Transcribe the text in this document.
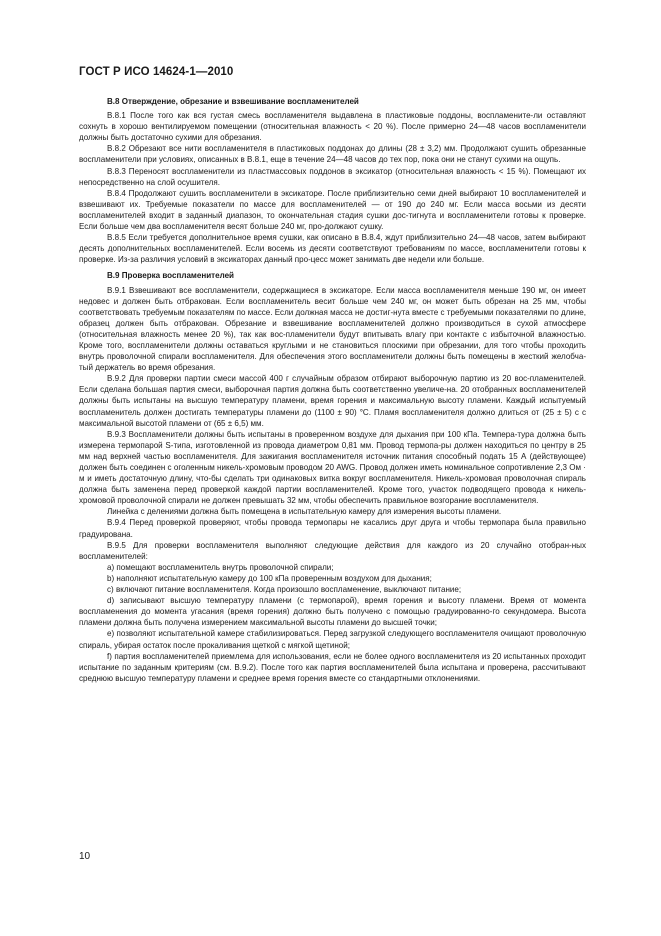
ГОСТ Р ИСО 14624-1—2010

В.8 Отверждение, обрезание и взвешивание воспламенителей

В.8.1 После того как вся густая смесь воспламенителя выдавлена в пластиковые поддоны, воспламените-ли оставляют сохнуть в хорошо вентилируемом помещении (относительная влажность < 20 %). После примерно 24—48 часов воспламенители должны быть достаточно сухими для обрезания.

В.8.2 Обрезают все нити воспламенителя в пластиковых поддонах до длины (28 ± 3,2) мм. Продолжают сушить обрезанные воспламенители при условиях, описанных в В.8.1, еще в течение 24—48 часов до тех пор, пока они не станут сухими на ощупь.

В.8.3 Переносят воспламенители из пластмассовых поддонов в эксикатор (относительная влажность < 15 %). Помещают их непосредственно на слой осушителя.

В.8.4 Продолжают сушить воспламенители в эксикаторе. После приблизительно семи дней выбирают 10 воспламенителей и взвешивают их. Требуемые показатели по массе для воспламенителей — от 190 до 240 мг. Если масса восьми из десяти воспламенителей входит в заданный диапазон, то окончательная стадия сушки дос-тигнута и воспламенители готовы к проверке. Если больше чем два воспламенителя весят больше 240 мг, про-должают сушку.

В.8.5 Если требуется дополнительное время сушки, как описано в В.8.4, ждут приблизительно 24—48 часов, затем выбирают десять дополнительных воспламенителей. Если восемь из десяти соответствуют требованиям по массе, воспламенители готовы к проверке. Из-за различия условий в эксикаторах данный про-цесс может занимать две недели или больше.

В.9 Проверка воспламенителей

В.9.1 Взвешивают все воспламенители, содержащиеся в эксикаторе. Если масса воспламенителя меньше 190 мг, он имеет недовес и должен быть отбракован. Если воспламенитель весит больше чем 240 мг, он может быть обрезан на 25 мм, чтобы соответствовать требуемым показателям по массе. Если должная масса не достиг-нута вместе с требуемыми показателями по длине, образец должен быть отбракован. Обрезание и взвешивание воспламенителей должно производиться в сухой атмосфере (относительная влажность менее 20 %), так как вос-пламенители будут впитывать влагу при контакте с избыточной влажностью. Кроме того, воспламенители должны оставаться круглыми и не становиться плоскими при обрезании, для того чтобы проходить внутрь проволочной спирали воспламенителя. Для обеспечения этого воспламенители должны быть помещены в жесткий желобча-тый держатель во время обрезания.

В.9.2 Для проверки партии смеси массой 400 г случайным образом отбирают выборочную партию из 20 вос-пламенителей. Если сделана большая партия смеси, выборочная партия должна быть соответственно увеличе-на. 20 отобранных воспламенителей должны быть испытаны на высшую температуру пламени, время горения и максимальную высоту пламени. Каждый испытуемый воспламенитель должен достигать температуры пламени до (1100 ± 90) °С. Пламя воспламенителя должно длиться от (25 ± 5) с с максимальной высотой пламени от (65 ± 6,5) мм.

В.9.3 Воспламенители должны быть испытаны в проверенном воздухе для дыхания при 100 кПа. Темпера-тура должна быть измерена термопарой S-типа, изготовленной из провода диаметром 0,81 мм. Провод термопа-ры должен находиться по центру в 25 мм над верхней частью воспламенителя. Для зажигания воспламенителя источник питания способный подать 15 А (действующее) должен быть соединен с оголенным никель-хромовым проводом 20 AWG. Провод должен иметь номинальное сопротивление 2,3 Ом · м и иметь достаточную длину, что-бы сделать три одинаковых витка вокруг воспламенителя. Никель-хромовая проволочная спираль должна быть заменена перед проверкой каждой партии воспламенителей. Кроме того, участок подводящего провода к никель-хромовой проволочной спирали не должен превышать 32 мм, чтобы обеспечить правильное возгорание воспламенителя.

Линейка с делениями должна быть помещена в испытательную камеру для измерения высоты пламени.

В.9.4 Перед проверкой проверяют, чтобы провода термопары не касались друг друга и чтобы термопара была правильно градуирована.

В.9.5 Для проверки воспламенителя выполняют следующие действия для каждого из 20 случайно отобран-ных воспламенителей:

а) помещают воспламенитель внутрь проволочной спирали;

b) наполняют испытательную камеру до 100 кПа проверенным воздухом для дыхания;

с) включают питание воспламенителя. Когда произошло воспламенение, выключают питание;

d) записывают высшую температуру пламени (с термопарой), время горения и высоту пламени. Время от момента воспламенения до момента угасания (время горения) должно быть получено с помощью градуированно-го секундомера. Высота пламени должна быть получена измерением максимальной высоты пламени до высшей точки;

е) позволяют испытательной камере стабилизироваться. Перед загрузкой следующего воспламенителя очищают проволочную спираль, убирая остаток после прокаливания щеткой с мягкой щетиной;

f) партия воспламенителей приемлема для использования, если не более одного воспламенителя из 20 испытанных проходит испытание по заданным критериям (см. В.9.2). После того как партия воспламенителей была испытана и проверена, рассчитывают среднюю высшую температуру пламени и среднее время горения вместе со стандартными отклонениями.

10
